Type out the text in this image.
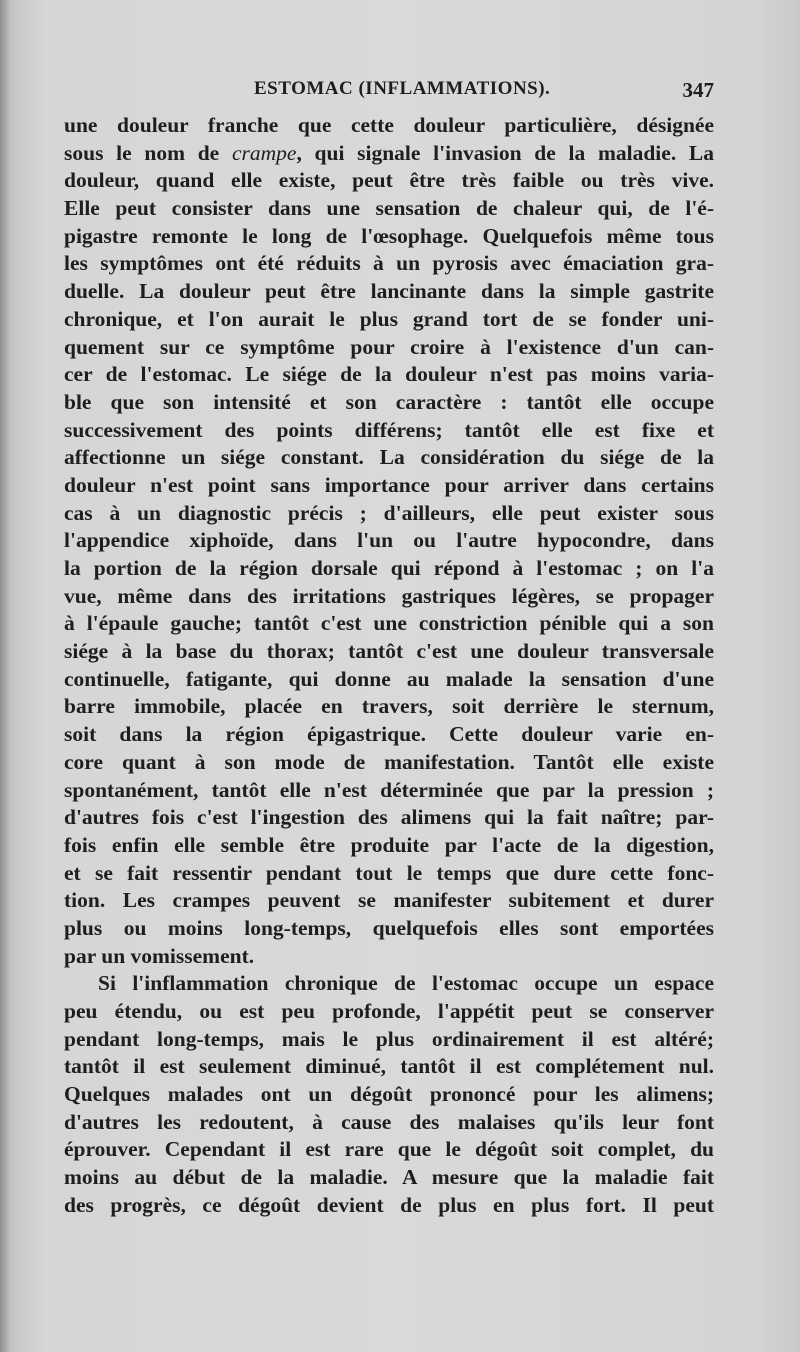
ESTOMAC (INFLAMMATIONS).	347
une douleur franche que cette douleur particulière, désignée
sous le nom de crampe, qui signale l'invasion de la maladie. La
douleur, quand elle existe, peut être très faible ou très vive.
Elle peut consister dans une sensation de chaleur qui, de l'é-
pigastre remonte le long de l'œsophage. Quelquefois même tous
les symptômes ont été réduits à un pyrosis avec émaciation gra-
duelle. La douleur peut être lancinante dans la simple gastrite
chronique, et l'on aurait le plus grand tort de se fonder uni-
quement sur ce symptôme pour croire à l'existence d'un can-
cer de l'estomac. Le siége de la douleur n'est pas moins varia-
ble que son intensité et son caractère : tantôt elle occupe
successivement des points différens; tantôt elle est fixe et
affectionne un siége constant. La considération du siége de la
douleur n'est point sans importance pour arriver dans certains
cas à un diagnostic précis ; d'ailleurs, elle peut exister sous
l'appendice xiphoïde, dans l'un ou l'autre hypocondre, dans
la portion de la région dorsale qui répond à l'estomac ; on l'a
vue, même dans des irritations gastriques légères, se propager
à l'épaule gauche; tantôt c'est une constriction pénible qui a son
siége à la base du thorax; tantôt c'est une douleur transversale
continuelle, fatigante, qui donne au malade la sensation d'une
barre immobile, placée en travers, soit derrière le sternum,
soit dans la région épigastrique. Cette douleur varie en-
core quant à son mode de manifestation. Tantôt elle existe
spontanément, tantôt elle n'est déterminée que par la pression ;
d'autres fois c'est l'ingestion des alimens qui la fait naître; par-
fois enfin elle semble être produite par l'acte de la digestion,
et se fait ressentir pendant tout le temps que dure cette fonc-
tion. Les crampes peuvent se manifester subitement et durer
plus ou moins long-temps, quelquefois elles sont emportées
par un vomissement.
Si l'inflammation chronique de l'estomac occupe un espace
peu étendu, ou est peu profonde, l'appétit peut se conserver
pendant long-temps, mais le plus ordinairement il est altéré;
tantôt il est seulement diminué, tantôt il est complétement nul.
Quelques malades ont un dégoût prononcé pour les alimens;
d'autres les redoutent, à cause des malaises qu'ils leur font
éprouver. Cependant il est rare que le dégoût soit complet, du
moins au début de la maladie. A mesure que la maladie fait
des progrès, ce dégoût devient de plus en plus fort. Il peut
